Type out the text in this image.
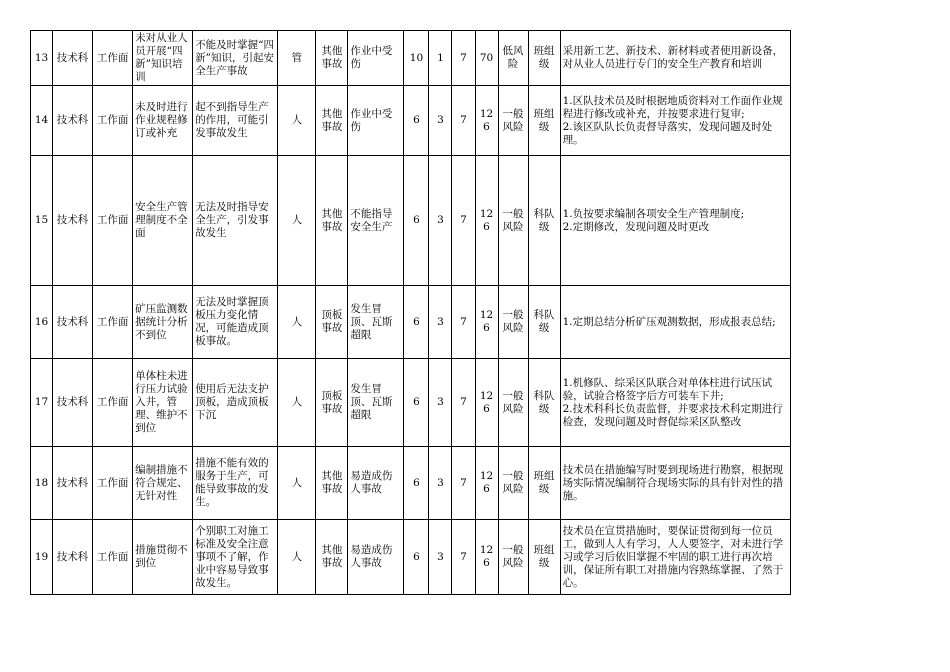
13	技术科	工作面	未对从业人员开展“四新”知识培训	不能及时掌握“四新”知识，引起安全生产事故	管	其他事故	作业中受伤	10	1	7	70	低风险	班组级	采用新工艺、新技术、新材料或者使用新设备，对从业人员进行专门的安全生产教育和培训

14	技术科	工作面	未及时进行作业规程修订或补充	起不到指导生产的作用，可能引发事故发生	人	其他事故	作业中受伤	6	3	7	126	一般风险	班组级	1.区队技术员及时根据地质资料对工作面作业规程进行修改或补充，并按要求进行复审;
2.该区队队长负责督导落实，发现问题及时处理。

15	技术科	工作面	安全生产管理制度不全面	无法及时指导安全生产，引发事故发生	人	其他事故	不能指导安全生产	6	3	7	126	一般风险	科队级	1.负按要求编制各项安全生产管理制度;
2.定期修改，发现问题及时更改

16	技术科	工作面	矿压监测数据统计分析不到位	无法及时掌握顶板压力变化情况，可能造成顶板事故。	人	顶板事故	发生冒顶、瓦斯超限	6	3	7	126	一般风险	科队级	1.定期总结分析矿压观测数据，形成报表总结;

17	技术科	工作面	单体柱未进行压力试验入井，管理、维护不到位	使用后无法支护顶板，造成顶板下沉	人	顶板事故	发生冒顶、瓦斯超限	6	3	7	126	一般风险	科队级	1.机修队、综采区队联合对单体柱进行试压试验，试验合格签字后方可装车下井;
2.技术科科长负责监督，并要求技术科定期进行检查，发现问题及时督促综采区队整改

18	技术科	工作面	编制措施不符合规定、无针对性	措施不能有效的服务于生产，可能导致事故的发生。	人	其他事故	易造成伤人事故	6	3	7	126	一般风险	班组级	技术员在措施编写时要到现场进行勘察，根据现场实际情况编制符合现场实际的具有针对性的措施。

19	技术科	工作面	措施贯彻不到位	个别职工对施工标准及安全注意事项不了解，作业中容易导致事故发生。	人	其他事故	易造成伤人事故	6	3	7	126	一般风险	班组级	技术员在宣贯措施时，要保证贯彻到每一位员工，做到人人有学习，人人要签字，对未进行学习或学习后依旧掌握不牢固的职工进行再次培训，保证所有职工对措施内容熟练掌握、了然于心。
